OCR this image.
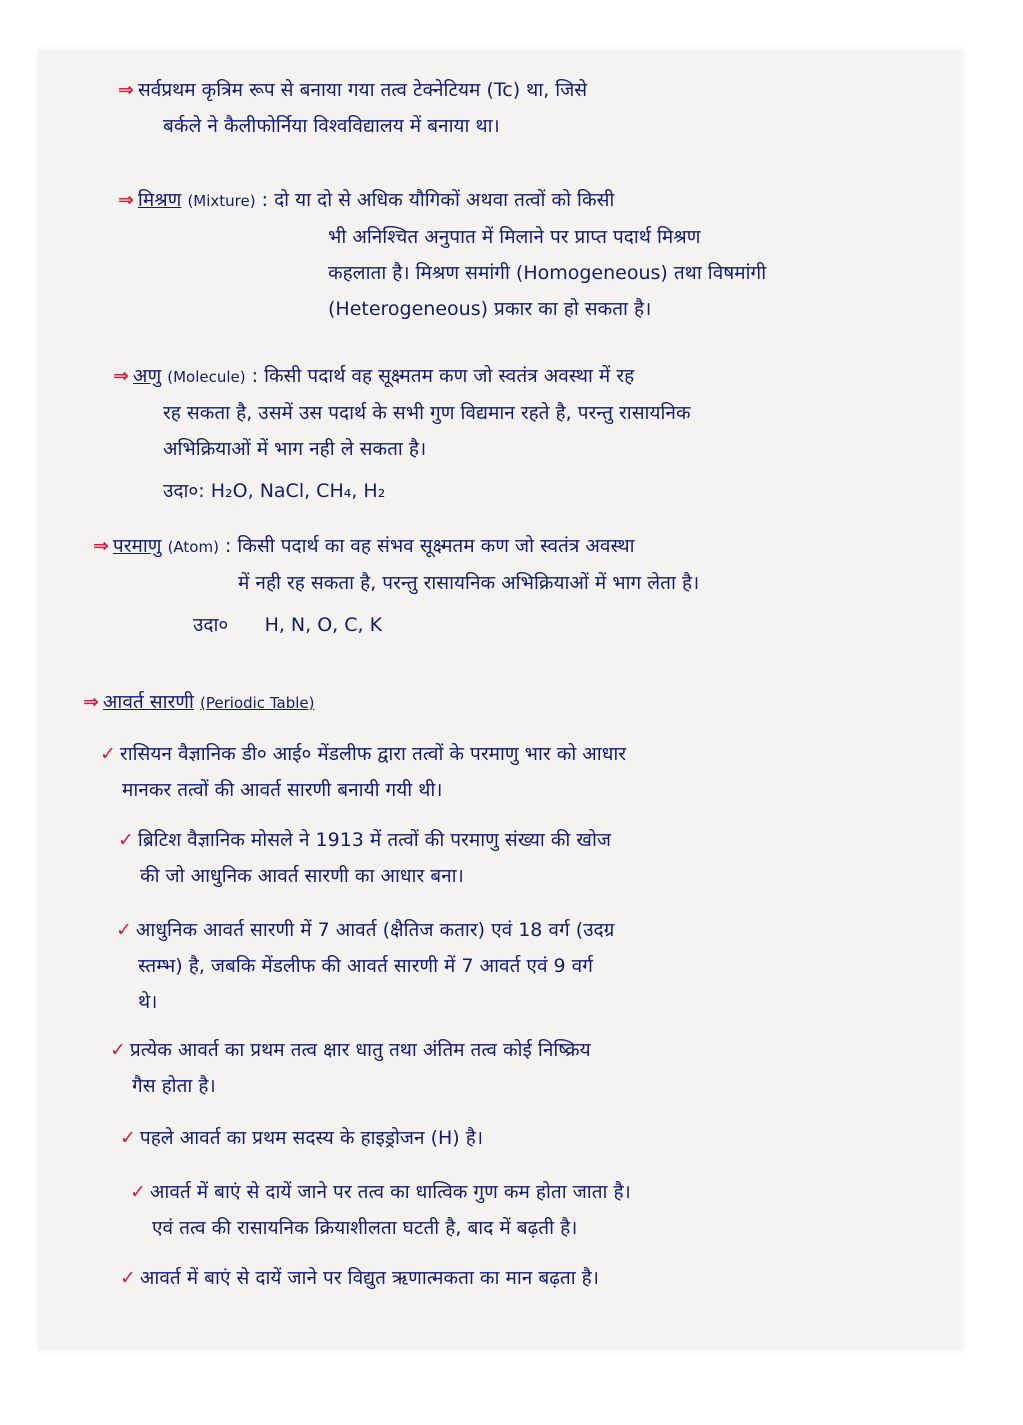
⇒ सर्वप्रथम कृत्रिम रूप से बनाया गया तत्व टेक्नेटियम (Tc) था, जिसे
बर्कले ने कैलीफोर्निया विश्वविद्यालय में बनाया था।
⇒ मिश्रण (Mixture) : दो या दो से अधिक यौगिकों अथवा तत्वों को किसी
भी अनिश्चित अनुपात में मिलाने पर प्राप्त पदार्थ मिश्रण
कहलाता है। मिश्रण समांगी (Homogeneous) तथा विषमांगी
(Heterogeneous) प्रकार का हो सकता है।
⇒ अणु (Molecule) : किसी पदार्थ वह सूक्ष्मतम कण जो स्वतंत्र अवस्था में रह
रह सकता है, उसमें उस पदार्थ के सभी गुण विद्यमान रहते है, परन्तु रासायनिक
अभिक्रियाओं में भाग नही ले सकता है।
उदा०: H₂O, NaCl, CH₄, H₂
⇒ परमाणु (Atom) : किसी पदार्थ का वह संभव सूक्ष्मतम कण जो स्वतंत्र अवस्था
में नही रह सकता है, परन्तु रासायनिक अभिक्रियाओं में भाग लेता है।
उदा० H, N, O, C, K
⇒ आवर्त सारणी (Periodic Table)
✓ रासियन वैज्ञानिक डी० आई० मेंडलीफ द्वारा तत्वों के परमाणु भार को आधार
मानकर तत्वों की आवर्त सारणी बनायी गयी थी।
✓ ब्रिटिश वैज्ञानिक मोसले ने 1913 में तत्वों की परमाणु संख्या की खोज
की जो आधुनिक आवर्त सारणी का आधार बना।
✓ आधुनिक आवर्त सारणी में 7 आवर्त (क्षैतिज कतार) एवं 18 वर्ग (उदग्र
स्तम्भ) है, जबकि मेंडलीफ की आवर्त सारणी में 7 आवर्त एवं 9 वर्ग
थे।
✓ प्रत्येक आवर्त का प्रथम तत्व क्षार धातु तथा अंतिम तत्व कोई निष्क्रिय
गैस होता है।
✓ पहले आवर्त का प्रथम सदस्य के हाइड्रोजन (H) है।
✓ आवर्त में बाएं से दायें जाने पर तत्व का धात्विक गुण कम होता जाता है।
एवं तत्व की रासायनिक क्रियाशीलता घटती है, बाद में बढ़ती है।
✓ आवर्त में बाएं से दायें जाने पर विद्युत ऋणात्मकता का मान बढ़ता है।
